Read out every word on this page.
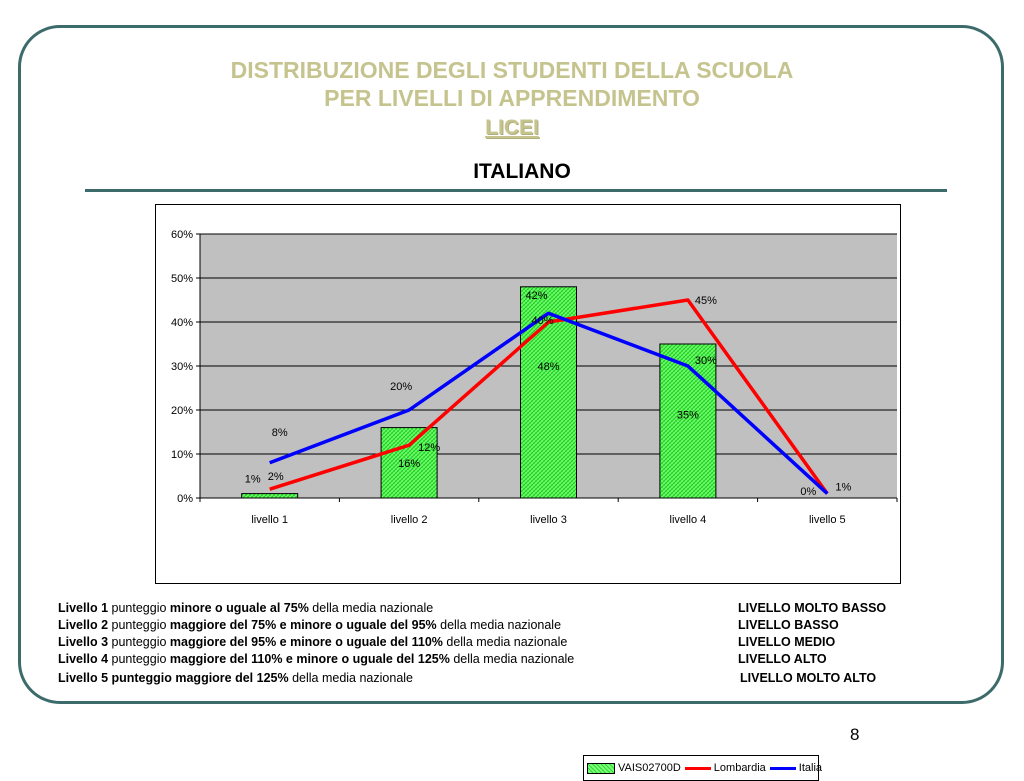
DISTRIBUZIONE DEGLI STUDENTI DELLA SCUOLA
PER LIVELLI DI APPRENDIMENTO
LICEI
ITALIANO
0%
10%
20%
30%
40%
50%
60%
livello 1	livello 2	livello 3	livello 4	livello 5
1%
16%
48%
35%
0%
2%
12%
40%
45%
1%
8%
20%
42%
30%
VAIS02700D	Lombardia	Italia
Livello 1 punteggio minore o uguale al 75% della media nazionale	LIVELLO MOLTO BASSO
Livello 2 punteggio maggiore del 75% e minore o uguale del 95% della media nazionale	LIVELLO BASSO
Livello 3 punteggio maggiore del 95% e minore o uguale del 110% della media nazionale	LIVELLO MEDIO
Livello 4 punteggio maggiore del 110% e minore o uguale del 125% della media nazionale	LIVELLO ALTO
Livello 5 punteggio maggiore del 125% della media nazionale	LIVELLO MOLTO ALTO
8
